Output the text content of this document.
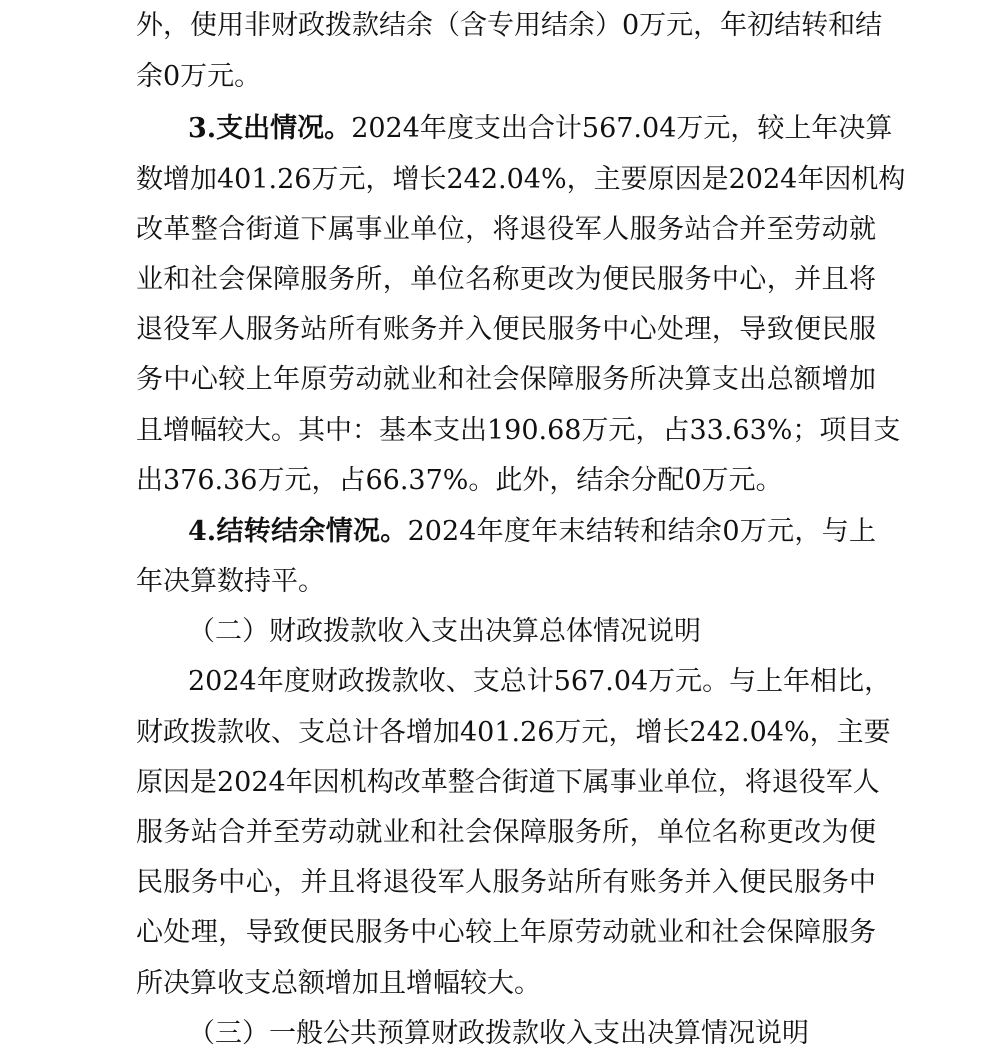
外，使用非财政拨款结余（含专用结余）0万元，年初结转和结
余0万元。
3.支出情况。2024年度支出合计567.04万元，较上年决算
数增加401.26万元，增长242.04%，主要原因是2024年因机构
改革整合街道下属事业单位，将退役军人服务站合并至劳动就
业和社会保障服务所，单位名称更改为便民服务中心，并且将
退役军人服务站所有账务并入便民服务中心处理，导致便民服
务中心较上年原劳动就业和社会保障服务所决算支出总额增加
且增幅较大。其中：基本支出190.68万元，占33.63%；项目支
出376.36万元，占66.37%。此外，结余分配0万元。
4.结转结余情况。2024年度年末结转和结余0万元，与上
年决算数持平。
（二）财政拨款收入支出决算总体情况说明
2024年度财政拨款收、支总计567.04万元。与上年相比，
财政拨款收、支总计各增加401.26万元，增长242.04%，主要
原因是2024年因机构改革整合街道下属事业单位，将退役军人
服务站合并至劳动就业和社会保障服务所，单位名称更改为便
民服务中心，并且将退役军人服务站所有账务并入便民服务中
心处理，导致便民服务中心较上年原劳动就业和社会保障服务
所决算收支总额增加且增幅较大。
（三）一般公共预算财政拨款收入支出决算情况说明
